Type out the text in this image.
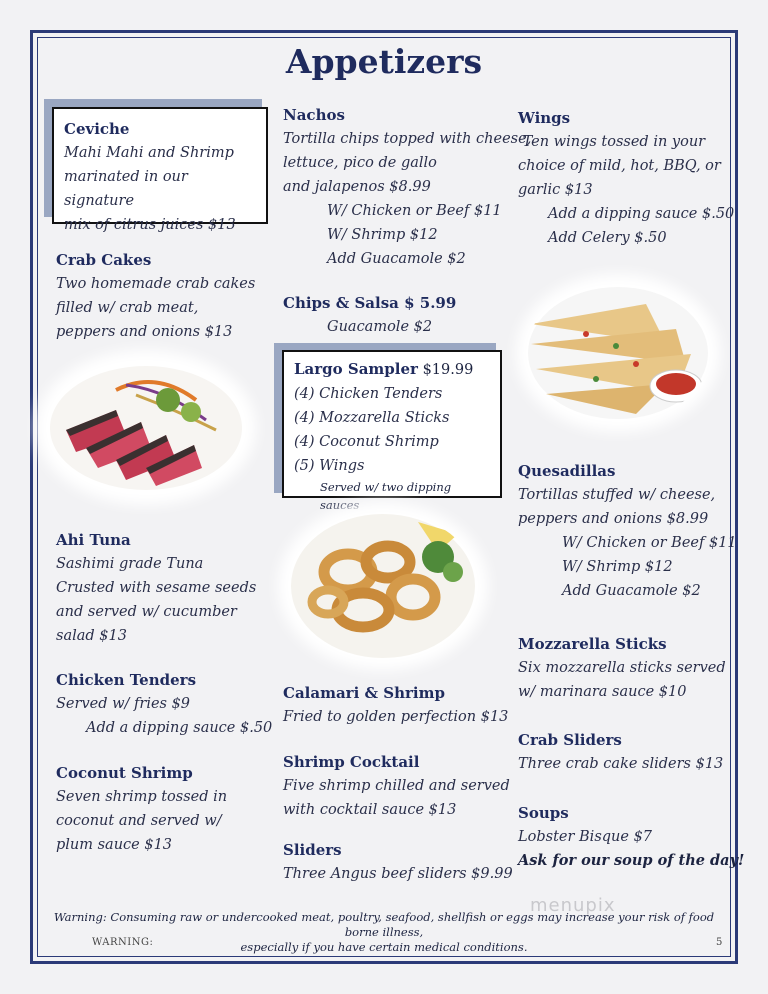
Appetizers
Ceviche
Mahi Mahi and Shrimp
marinated in our signature
mix of citrus juices $13
Crab Cakes
Two homemade crab cakes
filled w/ crab meat,
peppers and onions $13
Ahi Tuna
Sashimi grade Tuna
Crusted with sesame seeds
and served w/ cucumber
salad $13
Chicken Tenders
Served w/ fries $9
Add a dipping sauce $.50
Coconut Shrimp
Seven shrimp tossed in
coconut and served w/
plum sauce $13
Nachos
Tortilla chips topped with cheese,
lettuce, pico de gallo
and jalapenos $8.99
W/ Chicken or Beef $11
W/ Shrimp $12
Add Guacamole $2
Chips & Salsa $ 5.99
Guacamole $2
Largo Sampler $19.99
(4) Chicken Tenders
(4) Mozzarella Sticks
(4) Coconut Shrimp
(5) Wings
Served w/ two dipping sauces
Calamari & Shrimp
Fried to golden perfection $13
Shrimp Cocktail
Five shrimp chilled and served
with cocktail sauce $13
Sliders
Three Angus beef sliders $9.99
Wings
Ten wings tossed in your
choice of mild, hot, BBQ, or
garlic $13
Add a dipping sauce $.50
Add Celery $.50
Quesadillas
Tortillas stuffed w/ cheese,
peppers and onions $8.99
W/ Chicken or Beef $11
W/ Shrimp $12
Add Guacamole $2
Mozzarella Sticks
Six mozzarella sticks served
w/ marinara sauce $10
Crab Sliders
Three crab cake sliders $13
Soups
Lobster Bisque $7
Ask for our soup of the day!
menupix
Warning: Consuming raw or undercooked meat, poultry, seafood, shellfish or eggs may increase your risk of food borne illness,
especially if you have certain medical conditions.
WARNING:	5
